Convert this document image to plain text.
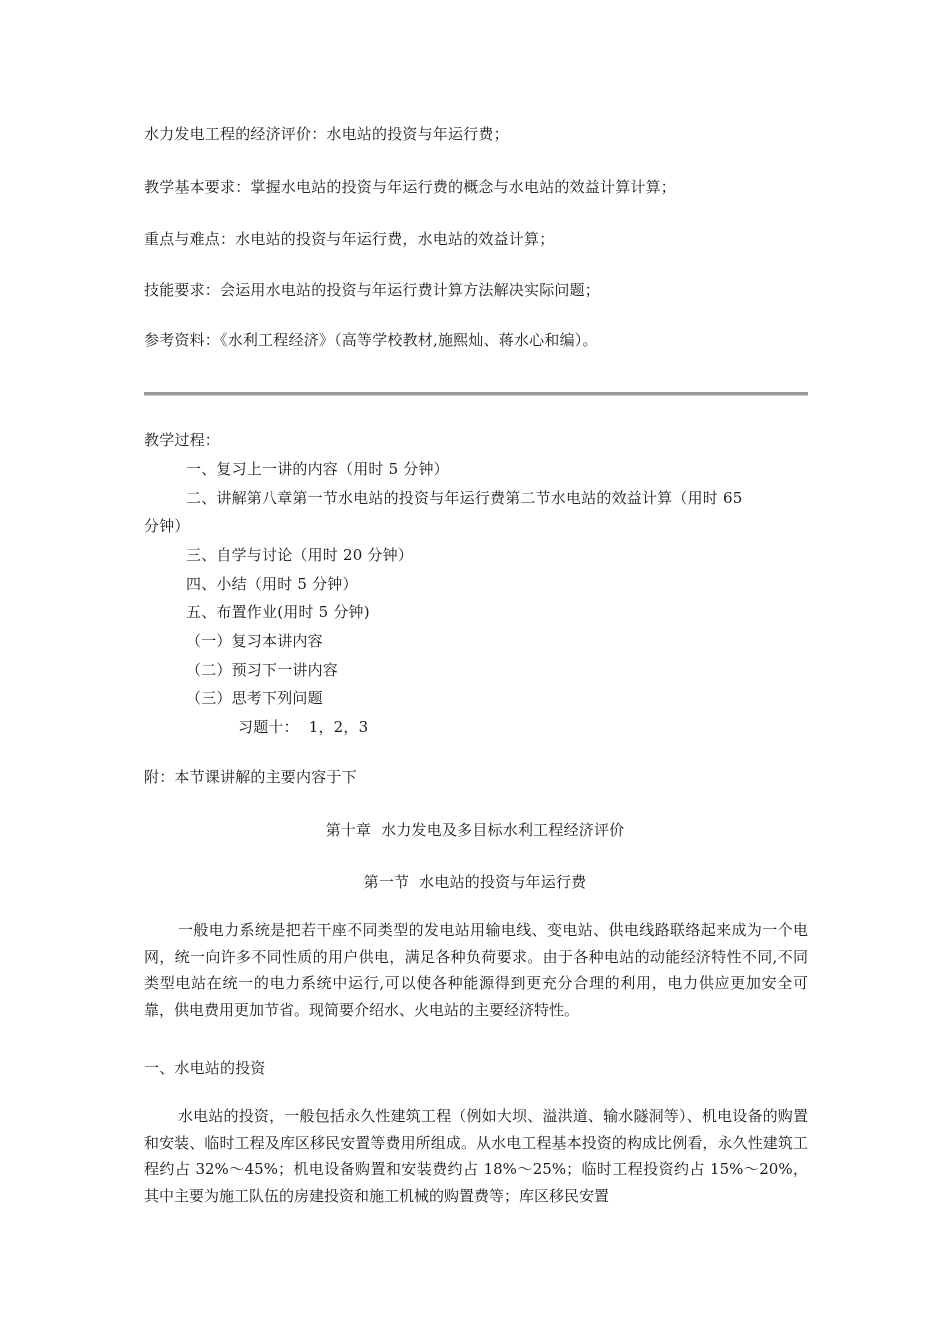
水力发电工程的经济评价：水电站的投资与年运行费；
教学基本要求：掌握水电站的投资与年运行费的概念与水电站的效益计算计算；
重点与难点：水电站的投资与年运行费，水电站的效益计算；
技能要求：会运用水电站的投资与年运行费计算方法解决实际问题；
参考资料：《水利工程经济》（高等学校教材,施熙灿、蒋水心和编）。
教学过程：
一、复习上一讲的内容（用时 5 分钟）
二、讲解第八章第一节水电站的投资与年运行费第二节水电站的效益计算（用时 65
分钟）
三、自学与讨论（用时 20 分钟）
四、小结（用时 5 分钟）
五、布置作业(用时 5 分钟)
（一）复习本讲内容
（二）预习下一讲内容
（三）思考下列问题
习题十：  1，2，3
附：本节课讲解的主要内容于下
第十章  水力发电及多目标水利工程经济评价
第一节  水电站的投资与年运行费
一般电力系统是把若干座不同类型的发电站用输电线、变电站、供电线路联络起来成为一个电网，统一向许多不同性质的用户供电，满足各种负荷要求。由于各种电站的动能经济特性不同,不同类型电站在统一的电力系统中运行,可以使各种能源得到更充分合理的利用，电力供应更加安全可靠，供电费用更加节省。现简要介绍水、火电站的主要经济特性。
一、水电站的投资
水电站的投资，一般包括永久性建筑工程（例如大坝、溢洪道、输水隧洞等）、机电设备的购置和安装、临时工程及库区移民安置等费用所组成。从水电工程基本投资的构成比例看，永久性建筑工程约占 32%～45%；机电设备购置和安装费约占 18%～25%；临时工程投资约占 15%～20%，其中主要为施工队伍的房建投资和施工机械的购置费等；库区移民安置
